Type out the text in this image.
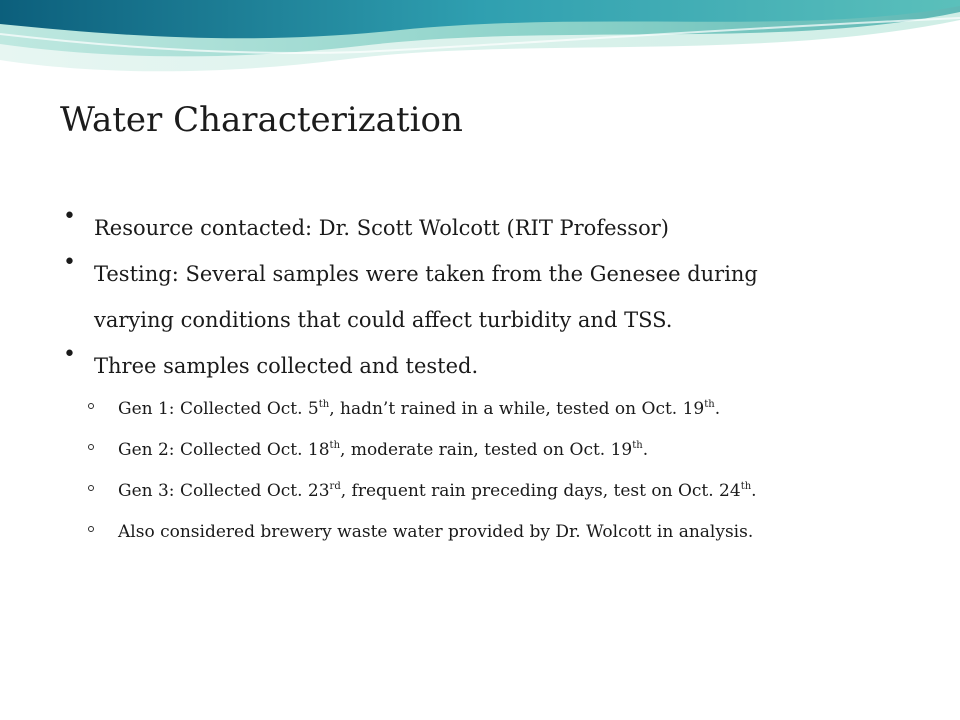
Water Characterization
• Resource contacted: Dr. Scott Wolcott (RIT Professor)
• Testing: Several samples were taken from the Genesee during
varying conditions that could affect turbidity and TSS.
• Three samples collected and tested.
Gen 1: Collected Oct. 5th, hadn’t rained in a while, tested on Oct. 19th.
Gen 2: Collected Oct. 18th, moderate rain, tested on Oct. 19th.
Gen 3: Collected Oct. 23rd, frequent rain preceding days, test on Oct. 24th.
Also considered brewery waste water provided by Dr. Wolcott in analysis.
